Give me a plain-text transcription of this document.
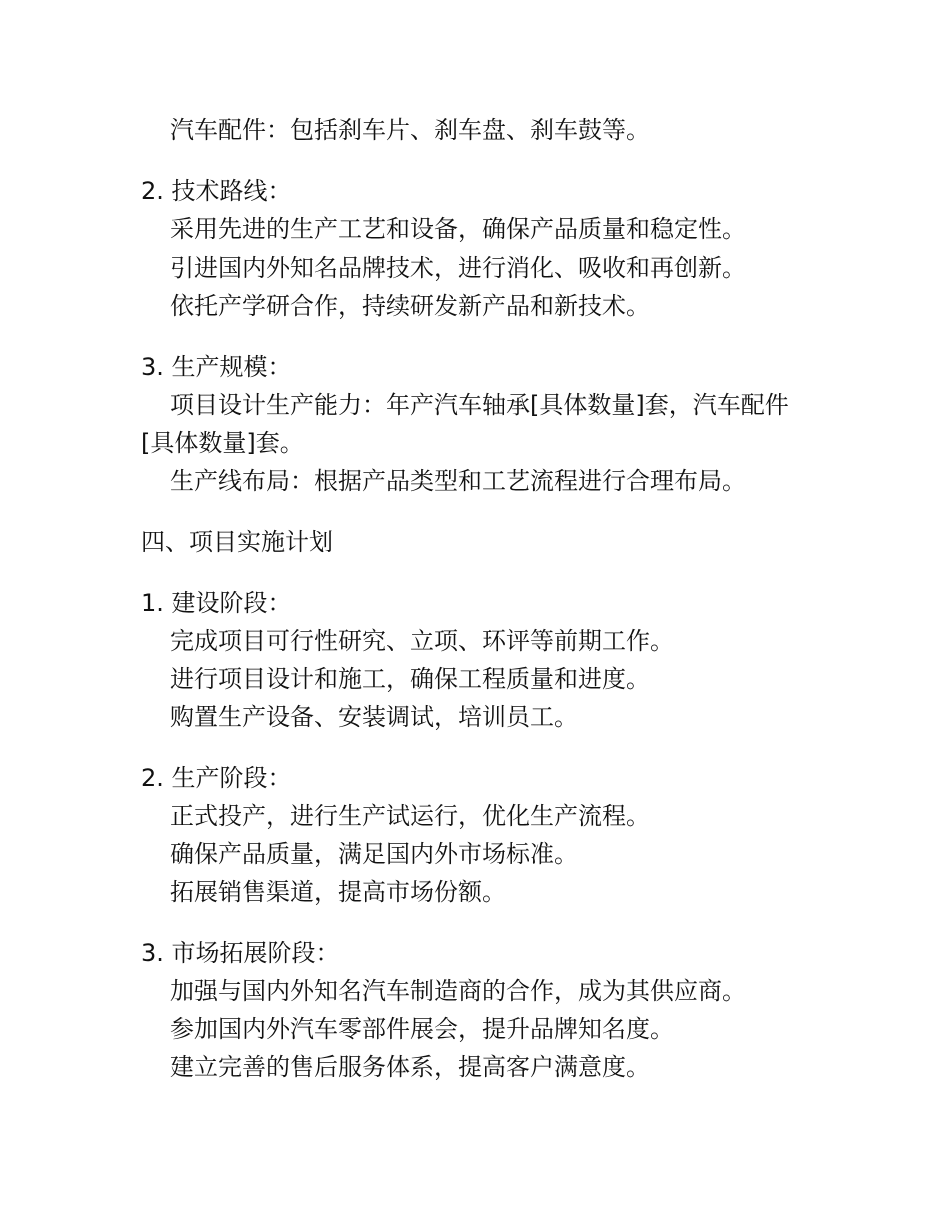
汽车配件：包括刹车片、刹车盘、刹车鼓等。
2. 技术路线：
采用先进的生产工艺和设备，确保产品质量和稳定性。
引进国内外知名品牌技术，进行消化、吸收和再创新。
依托产学研合作，持续研发新产品和新技术。
3. 生产规模：
项目设计生产能力：年产汽车轴承[具体数量]套，汽车配件
[具体数量]套。
生产线布局：根据产品类型和工艺流程进行合理布局。
四、项目实施计划
1. 建设阶段：
完成项目可行性研究、立项、环评等前期工作。
进行项目设计和施工，确保工程质量和进度。
购置生产设备、安装调试，培训员工。
2. 生产阶段：
正式投产，进行生产试运行，优化生产流程。
确保产品质量，满足国内外市场标准。
拓展销售渠道，提高市场份额。
3. 市场拓展阶段：
加强与国内外知名汽车制造商的合作，成为其供应商。
参加国内外汽车零部件展会，提升品牌知名度。
建立完善的售后服务体系，提高客户满意度。
